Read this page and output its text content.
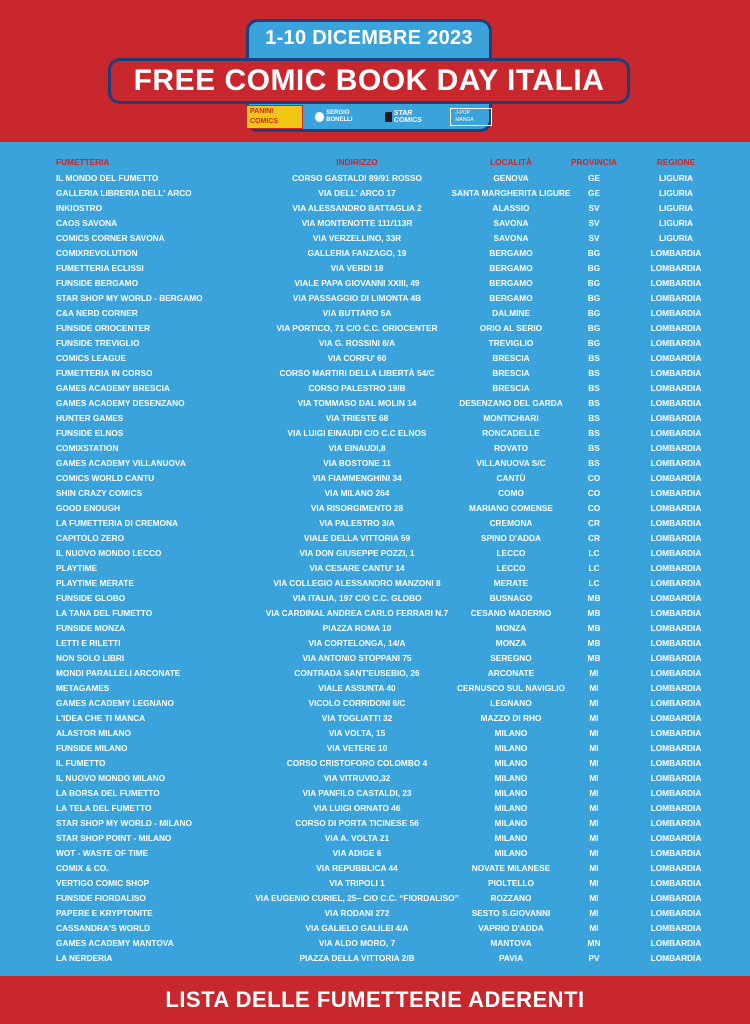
1-10 DICEMBRE 2023
FREE COMIC BOOK DAY ITALIA
PANINI COMICS
SERGIO BONELLI
STAR COMICS
J-POP MANGA
FUMETTERIA	INDIRIZZO	LOCALITÀ	PROVINCIA	REGIONE
IL MONDO DEL FUMETTO	CORSO GASTALDI 89/91 ROSSO	GENOVA	GE	LIGURIA
GALLERIA LIBRERIA DELL' ARCO	VIA DELL' ARCO 17	SANTA MARGHERITA LIGURE GE	LIGURIA
INKIOSTRO	VIA ALESSANDRO BATTAGLIA 2	ALASSIO	SV	LIGURIA
CAOS SAVONA	VIA MONTENOTTE 111/113R	SAVONA	SV	LIGURIA
COMICS CORNER SAVONA	VIA VERZELLINO, 33R	SAVONA	SV	LIGURIA
COMIXREVOLUTION	GALLERIA FANZAGO, 19	BERGAMO	BG	LOMBARDIA
FUMETTERIA ECLISSI	VIA VERDI 18	BERGAMO	BG	LOMBARDIA
FUNSIDE BERGAMO	VIALE PAPA GIOVANNI XXIII, 49	BERGAMO	BG	LOMBARDIA
STAR SHOP MY WORLD - BERGAMO	VIA PASSAGGIO DI LIMONTA 4B	BERGAMO	BG	LOMBARDIA
C&A NERD CORNER	VIA BUTTARO 5A	DALMINE	BG	LOMBARDIA
FUNSIDE ORIOCENTER	VIA PORTICO, 71 C/O C.C. ORIOCENTER	ORIO AL SERIO	BG	LOMBARDIA
FUNSIDE TREVIGLIO	VIA G. ROSSINI 6/A	TREVIGLIO	BG	LOMBARDIA
COMICS LEAGUE	VIA CORFU' 60	BRESCIA	BS	LOMBARDIA
FUMETTERIA IN CORSO	CORSO MARTIRI DELLA LIBERTÀ 54/C	BRESCIA	BS	LOMBARDIA
GAMES ACADEMY BRESCIA	CORSO PALESTRO 19/B	BRESCIA	BS	LOMBARDIA
GAMES ACADEMY DESENZANO	VIA TOMMASO DAL MOLIN 14	DESENZANO DEL GARDA	BS	LOMBARDIA
HUNTER GAMES	VIA TRIESTE 68	MONTICHIARI	BS	LOMBARDIA
FUNSIDE ELNOS	VIA LUIGI EINAUDI C/O C.C ELNOS	RONCADELLE	BS	LOMBARDIA
COMIXSTATION	VIA EINAUDI,8	ROVATO	BS	LOMBARDIA
GAMES ACADEMY VILLANUOVA	VIA BOSTONE 11	VILLANUOVA S/C	BS	LOMBARDIA
COMICS WORLD CANTU	VIA FIAMMENGHINI 34	CANTÙ	CO	LOMBARDIA
SHIN CRAZY COMICS	VIA MILANO 264	COMO	CO	LOMBARDIA
GOOD ENOUGH	VIA RISORGIMENTO 28	MARIANO COMENSE	CO	LOMBARDIA
LA FUMETTERIA DI CREMONA	VIA PALESTRO 3/A	CREMONA	CR	LOMBARDIA
CAPITOLO ZERO	VIALE DELLA VITTORIA 59	SPINO D'ADDA	CR	LOMBARDIA
IL NUOVO MONDO LECCO	VIA DON GIUSEPPE POZZI, 1	LECCO	LC	LOMBARDIA
PLAYTIME	VIA CESARE CANTU' 14	LECCO	LC	LOMBARDIA
PLAYTIME MERATE	VIA COLLEGIO ALESSANDRO MANZONI 8	MERATE	LC	LOMBARDIA
FUNSIDE GLOBO	VIA ITALIA, 197 C/O C.C. GLOBO	BUSNAGO	MB	LOMBARDIA
LA TANA DEL FUMETTO	VIA CARDINAL ANDREA CARLO FERRARI N.7	CESANO MADERNO	MB	LOMBARDIA
FUNSIDE MONZA	PIAZZA ROMA 10	MONZA	MB	LOMBARDIA
LETTI E RILETTI	VIA CORTELONGA, 14/A	MONZA	MB	LOMBARDIA
NON SOLO LIBRI	VIA ANTONIO STOPPANI 75	SEREGNO	MB	LOMBARDIA
MONDI PARALLELI ARCONATE	CONTRADA SANT'EUSEBIO, 26	ARCONATE	MI	LOMBARDIA
METAGAMES	VIALE ASSUNTA 40	CERNUSCO SUL NAVIGLIO	MI	LOMBARDIA
GAMES ACADEMY LEGNANO	VICOLO CORRIDONI 6/C	LEGNANO	MI	LOMBARDIA
L'IDEA CHE TI MANCA	VIA TOGLIATTI 32	MAZZO DI RHO	MI	LOMBARDIA
ALASTOR MILANO	VIA VOLTA, 15	MILANO	MI	LOMBARDIA
FUNSIDE MILANO	VIA VETERE 10	MILANO	MI	LOMBARDIA
IL FUMETTO	CORSO CRISTOFORO COLOMBO 4	MILANO	MI	LOMBARDIA
IL NUOVO MONDO MILANO	VIA VITRUVIO,32	MILANO	MI	LOMBARDIA
LA BORSA DEL FUMETTO	VIA PANFILO CASTALDI, 23	MILANO	MI	LOMBARDIA
LA TELA DEL FUMETTO	VIA LUIGI ORNATO 46	MILANO	MI	LOMBARDIA
STAR SHOP MY WORLD - MILANO	CORSO DI PORTA TICINESE 56	MILANO	MI	LOMBARDIA
STAR SHOP POINT - MILANO	VIA A. VOLTA 21	MILANO	MI	LOMBARDIA
WOT - WASTE OF TIME	VIA ADIGE 6	MILANO	MI	LOMBARDIA
COMIX & CO.	VIA REPUBBLICA 44	NOVATE MILANESE	MI	LOMBARDIA
VERTIGO COMIC SHOP	VIA TRIPOLI 1	PIOLTELLO	MI	LOMBARDIA
FUNSIDE FIORDALISO	VIA EUGENIO CURIEL, 25– C/O C.C. “FIORDALISO”	ROZZANO	MI	LOMBARDIA
PAPERE E KRYPTONITE	VIA RODANI 272	SESTO S.GIOVANNI	MI	LOMBARDIA
CASSANDRA'S WORLD	VIA GALIELO GALILEI 4/A	VAPRIO D'ADDA	MI	LOMBARDIA
GAMES ACADEMY MANTOVA	VIA ALDO MORO, 7	MANTOVA	MN	LOMBARDIA
LA NERDERIA	PIAZZA DELLA VITTORIA 2/B	PAVIA	PV	LOMBARDIA
LISTA DELLE FUMETTERIE ADERENTI
